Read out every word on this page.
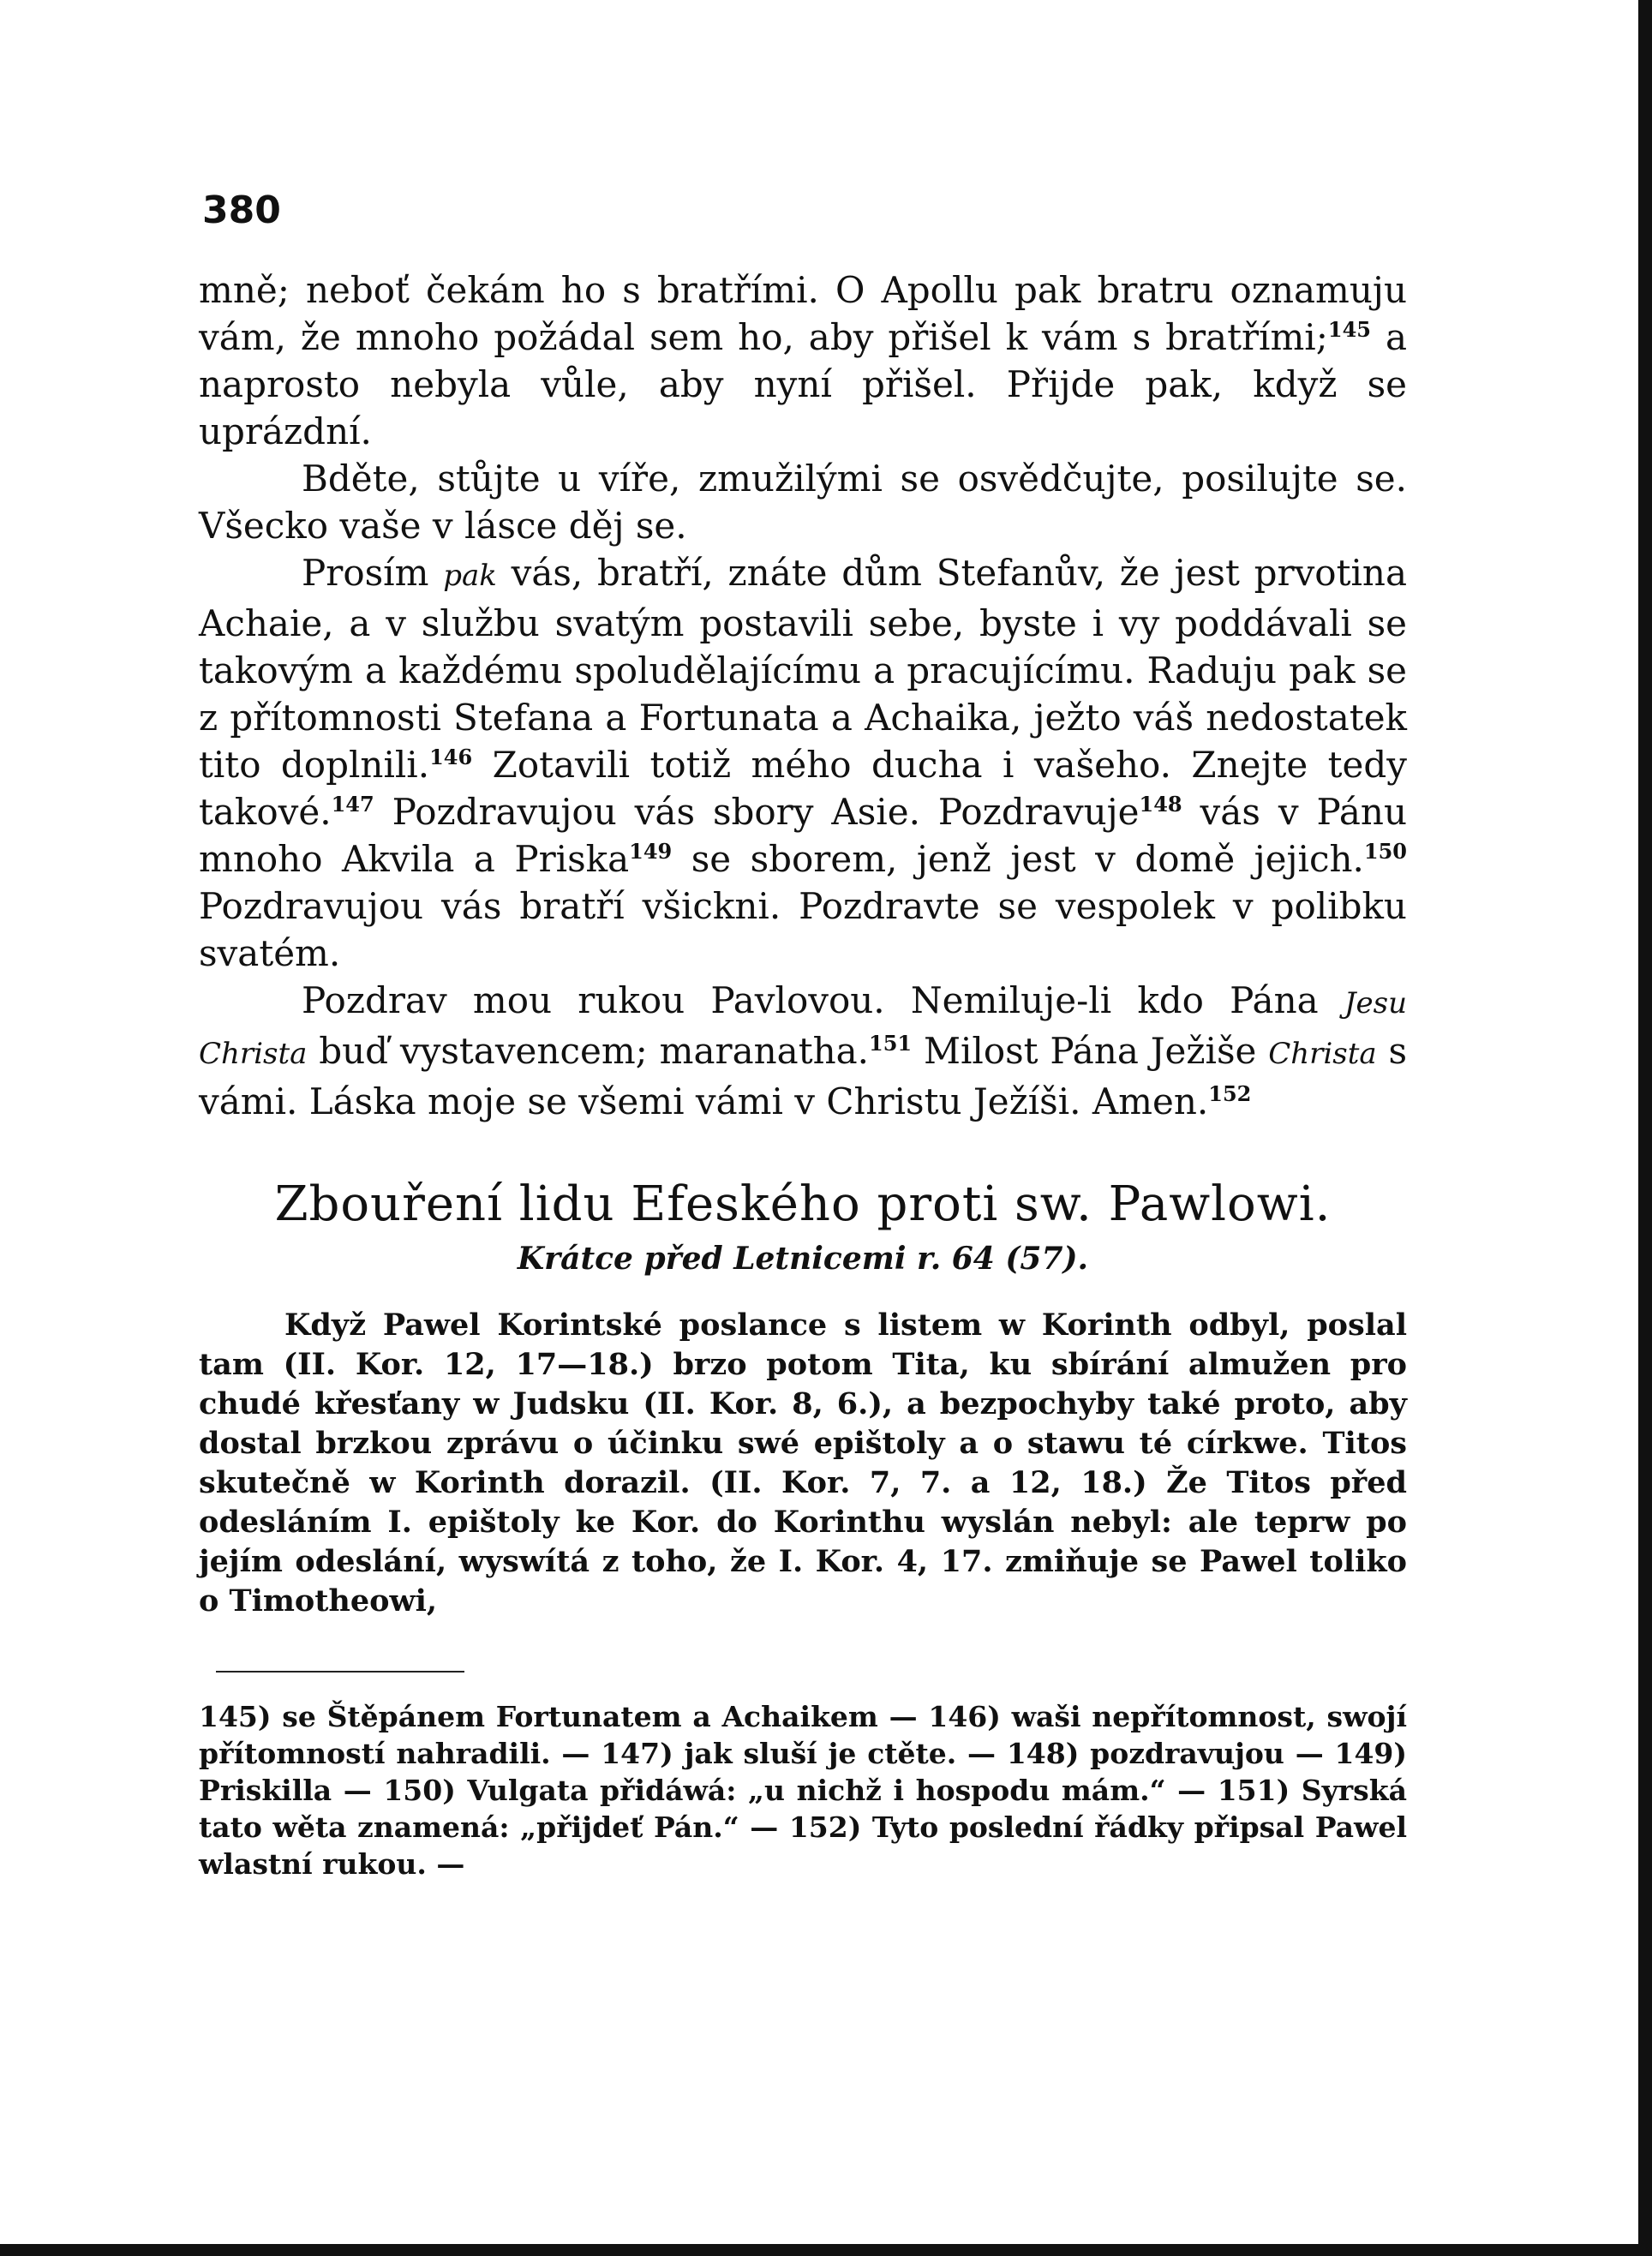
380

mně; neboť čekám ho s bratřími. O Apollu pak bratru oznamuju vám, že mnoho požádal sem ho, aby přišel k vám s bratřími;$^{145}$ a naprosto nebyla vůle, aby nyní přišel. Přijde pak, když se uprázdní.

Bděte, stůjte u víře, zmužilými se osvědčujte, posilujte se. Všecko vaše v lásce děj se.

Prosím pak vás, bratří, znáte dům Stefanův, že jest prvotina Achaie, a v službu svatým postavili sebe, byste i vy poddávali se takovým a každému spoludělajícímu a pracujícímu. Raduju pak se z přítomnosti Stefana a Fortunata a Achaika, ježto váš nedostatek tito doplnili.$^{146}$ Zotavili totiž mého ducha i vašeho. Znejte tedy takové.$^{147}$ Pozdravujou vás sbory Asie. Pozdravuje$^{148}$ vás v Pánu mnoho Akvila a Priska$^{149}$ se sborem, jenž jest v domě jejich.$^{150}$ Pozdravujou vás bratří všickni. Pozdravte se vespolek v polibku svatém.

Pozdrav mou rukou Pavlovou. Nemiluje-li kdo Pána Jesu Christa buď vystavencem; maranatha.$^{151}$ Milost Pána Ježiše Christa s vámi. Láska moje se všemi vámi v Christu Ježíši. Amen.$^{152}$

Zbouření lidu Efeského proti sw. Pawlowi.
Krátce před Letnicemi r. 64 (57).

Když Pawel Korintské poslance s listem w Korinth odbyl, poslal tam (II. Kor. 12, 17—18.) brzo potom Tita, ku sbírání almužen pro chudé křesťany w Judsku (II. Kor. 8, 6.), a bezpochyby také proto, aby dostal brzkou zprávu o účinku swé epištoly a o stawu té církwe. Titos skutečně w Korinth dorazil. (II. Kor. 7, 7. a 12, 18.) Že Titos před odesláním I. epištoly ke Kor. do Korinthu wyslán nebyl: ale teprw po jejím odeslání, wyswítá z toho, že I. Kor. 4, 17. zmiňuje se Pawel toliko o Timotheowi,

145) se Štěpánem Fortunatem a Achaikem — 146) waši nepřítomnost, swojí přítomností nahradili. — 147) jak sluší je ctěte. — 148) pozdravujou — 149) Priskilla — 150) Vulgata přidáwá: „u nichž i hospodu mám.“ — 151) Syrská tato wěta znamená: „přijdeť Pán.“ — 152) Tyto poslední řádky připsal Pawel wlastní rukou. —
